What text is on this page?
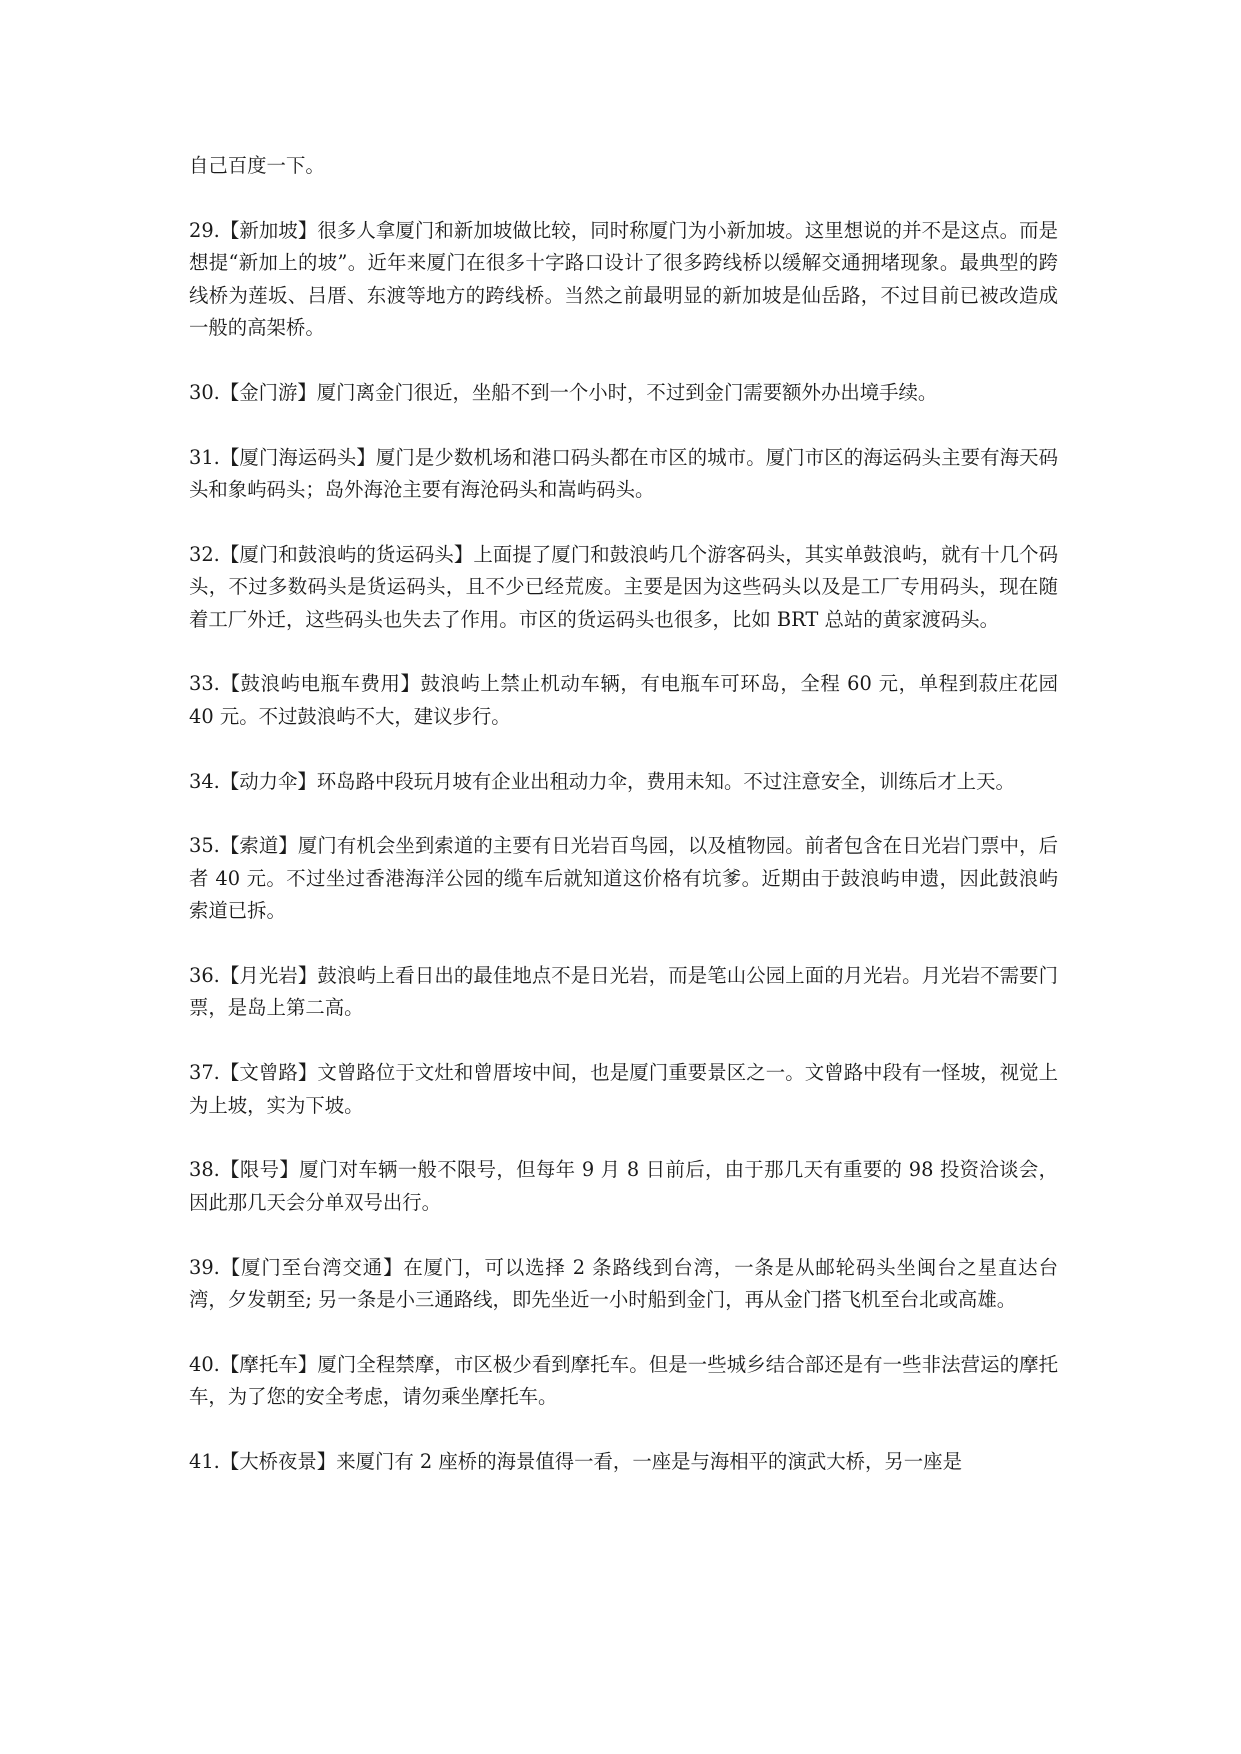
自己百度一下。

29.【新加坡】很多人拿厦门和新加坡做比较，同时称厦门为小新加坡。这里想说的并不是这点。而是想提“新加上的坡”。近年来厦门在很多十字路口设计了很多跨线桥以缓解交通拥堵现象。最典型的跨线桥为莲坂、吕厝、东渡等地方的跨线桥。当然之前最明显的新加坡是仙岳路，不过目前已被改造成一般的高架桥。

30.【金门游】厦门离金门很近，坐船不到一个小时，不过到金门需要额外办出境手续。

31.【厦门海运码头】厦门是少数机场和港口码头都在市区的城市。厦门市区的海运码头主要有海天码头和象屿码头；岛外海沧主要有海沧码头和嵩屿码头。

32.【厦门和鼓浪屿的货运码头】上面提了厦门和鼓浪屿几个游客码头，其实单鼓浪屿，就有十几个码头，不过多数码头是货运码头，且不少已经荒废。主要是因为这些码头以及是工厂专用码头，现在随着工厂外迁，这些码头也失去了作用。市区的货运码头也很多，比如 BRT 总站的黄家渡码头。

33.【鼓浪屿电瓶车费用】鼓浪屿上禁止机动车辆，有电瓶车可环岛，全程 60 元，单程到菽庄花园 40 元。不过鼓浪屿不大，建议步行。

34.【动力伞】环岛路中段玩月坡有企业出租动力伞，费用未知。不过注意安全，训练后才上天。

35.【索道】厦门有机会坐到索道的主要有日光岩百鸟园，以及植物园。前者包含在日光岩门票中，后者 40 元。不过坐过香港海洋公园的缆车后就知道这价格有坑爹。近期由于鼓浪屿申遗，因此鼓浪屿索道已拆。

36.【月光岩】鼓浪屿上看日出的最佳地点不是日光岩，而是笔山公园上面的月光岩。月光岩不需要门票，是岛上第二高。

37.【文曾路】文曾路位于文灶和曾厝垵中间，也是厦门重要景区之一。文曾路中段有一怪坡，视觉上为上坡，实为下坡。

38.【限号】厦门对车辆一般不限号，但每年 9 月 8 日前后，由于那几天有重要的 98 投资洽谈会，因此那几天会分单双号出行。

39.【厦门至台湾交通】在厦门，可以选择 2 条路线到台湾，一条是从邮轮码头坐闽台之星直达台湾，夕发朝至; 另一条是小三通路线，即先坐近一小时船到金门，再从金门搭飞机至台北或高雄。

40.【摩托车】厦门全程禁摩，市区极少看到摩托车。但是一些城乡结合部还是有一些非法营运的摩托车，为了您的安全考虑，请勿乘坐摩托车。

41.【大桥夜景】来厦门有 2 座桥的海景值得一看，一座是与海相平的演武大桥，另一座是
